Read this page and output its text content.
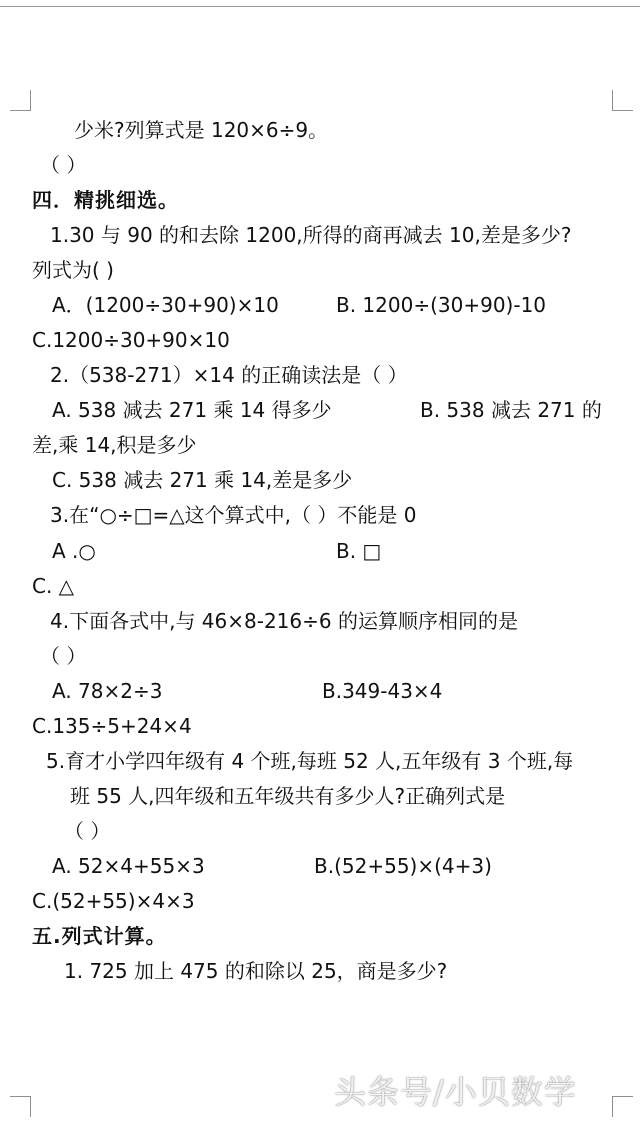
少米?列算式是 120×6÷9。
（ ）
四．精挑细选。
1.30 与 90 的和去除 1200,所得的商再减去 10,差是多少?
列式为( )
A．(1200÷30+90)×10	B. 1200÷(30+90)-10
C.1200÷30+90×10
2.（538-271）×14 的正确读法是（ ）
A. 538 减去 271 乘 14 得多少	B. 538 减去 271 的
差,乘 14,积是多少
C. 538 减去 271 乘 14,差是多少
3.在“○÷□=△这个算式中,（ ）不能是 0
A .○	B. □
C. △
4.下面各式中,与 46×8-216÷6 的运算顺序相同的是
（ ）
A. 78×2÷3	B.349-43×4
C.135÷5+24×4
5.育才小学四年级有 4 个班,每班 52 人,五年级有 3 个班,每
班 55 人,四年级和五年级共有多少人?正确列式是
（ ）
A. 52×4+55×3	B.(52+55)×(4+3)
C.(52+55)×4×3
五.列式计算。
1. 725 加上 475 的和除以 25，商是多少?
头条号/小贝数学
